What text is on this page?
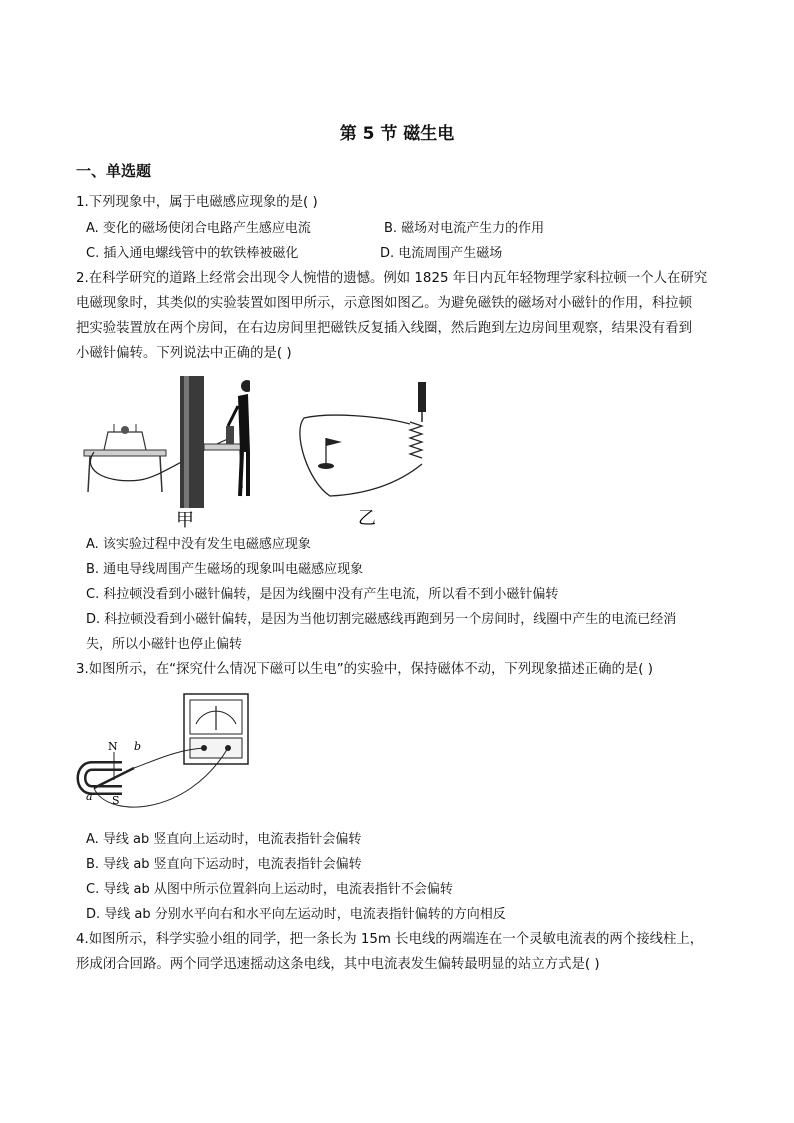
第 5 节 磁生电
一、单选题
1.下列现象中，属于电磁感应现象的是( )
A. 变化的磁场使闭合电路产生感应电流	B. 磁场对电流产生力的作用
C. 插入通电螺线管中的软铁棒被磁化	D. 电流周围产生磁场
2.在科学研究的道路上经常会出现令人惋惜的遗憾。例如 1825 年日内瓦年轻物理学家科拉顿一个人在研究
电磁现象时，其类似的实验装置如图甲所示，示意图如图乙。为避免磁铁的磁场对小磁针的作用，科拉顿
把实验装置放在两个房间，在右边房间里把磁铁反复插入线圈，然后跑到左边房间里观察，结果没有看到
小磁针偏转。下列说法中正确的是( )
甲	乙
A. 该实验过程中没有发生电磁感应现象
B. 通电导线周围产生磁场的现象叫电磁感应现象
C. 科拉顿没看到小磁针偏转，是因为线圈中没有产生电流，所以看不到小磁针偏转
D. 科拉顿没看到小磁针偏转，是因为当他切割完磁感线再跑到另一个房间时，线圈中产生的电流已经消
失，所以小磁针也停止偏转
3.如图所示，在“探究什么情况下磁可以生电”的实验中，保持磁体不动，下列现象描述正确的是( )
N
S
a
b
A. 导线 ab 竖直向上运动时，电流表指针会偏转
B. 导线 ab 竖直向下运动时，电流表指针会偏转
C. 导线 ab 从图中所示位置斜向上运动时，电流表指针不会偏转
D. 导线 ab 分别水平向右和水平向左运动时，电流表指针偏转的方向相反
4.如图所示，科学实验小组的同学，把一条长为 15m 长电线的两端连在一个灵敏电流表的两个接线柱上，
形成闭合回路。两个同学迅速摇动这条电线，其中电流表发生偏转最明显的站立方式是( )
